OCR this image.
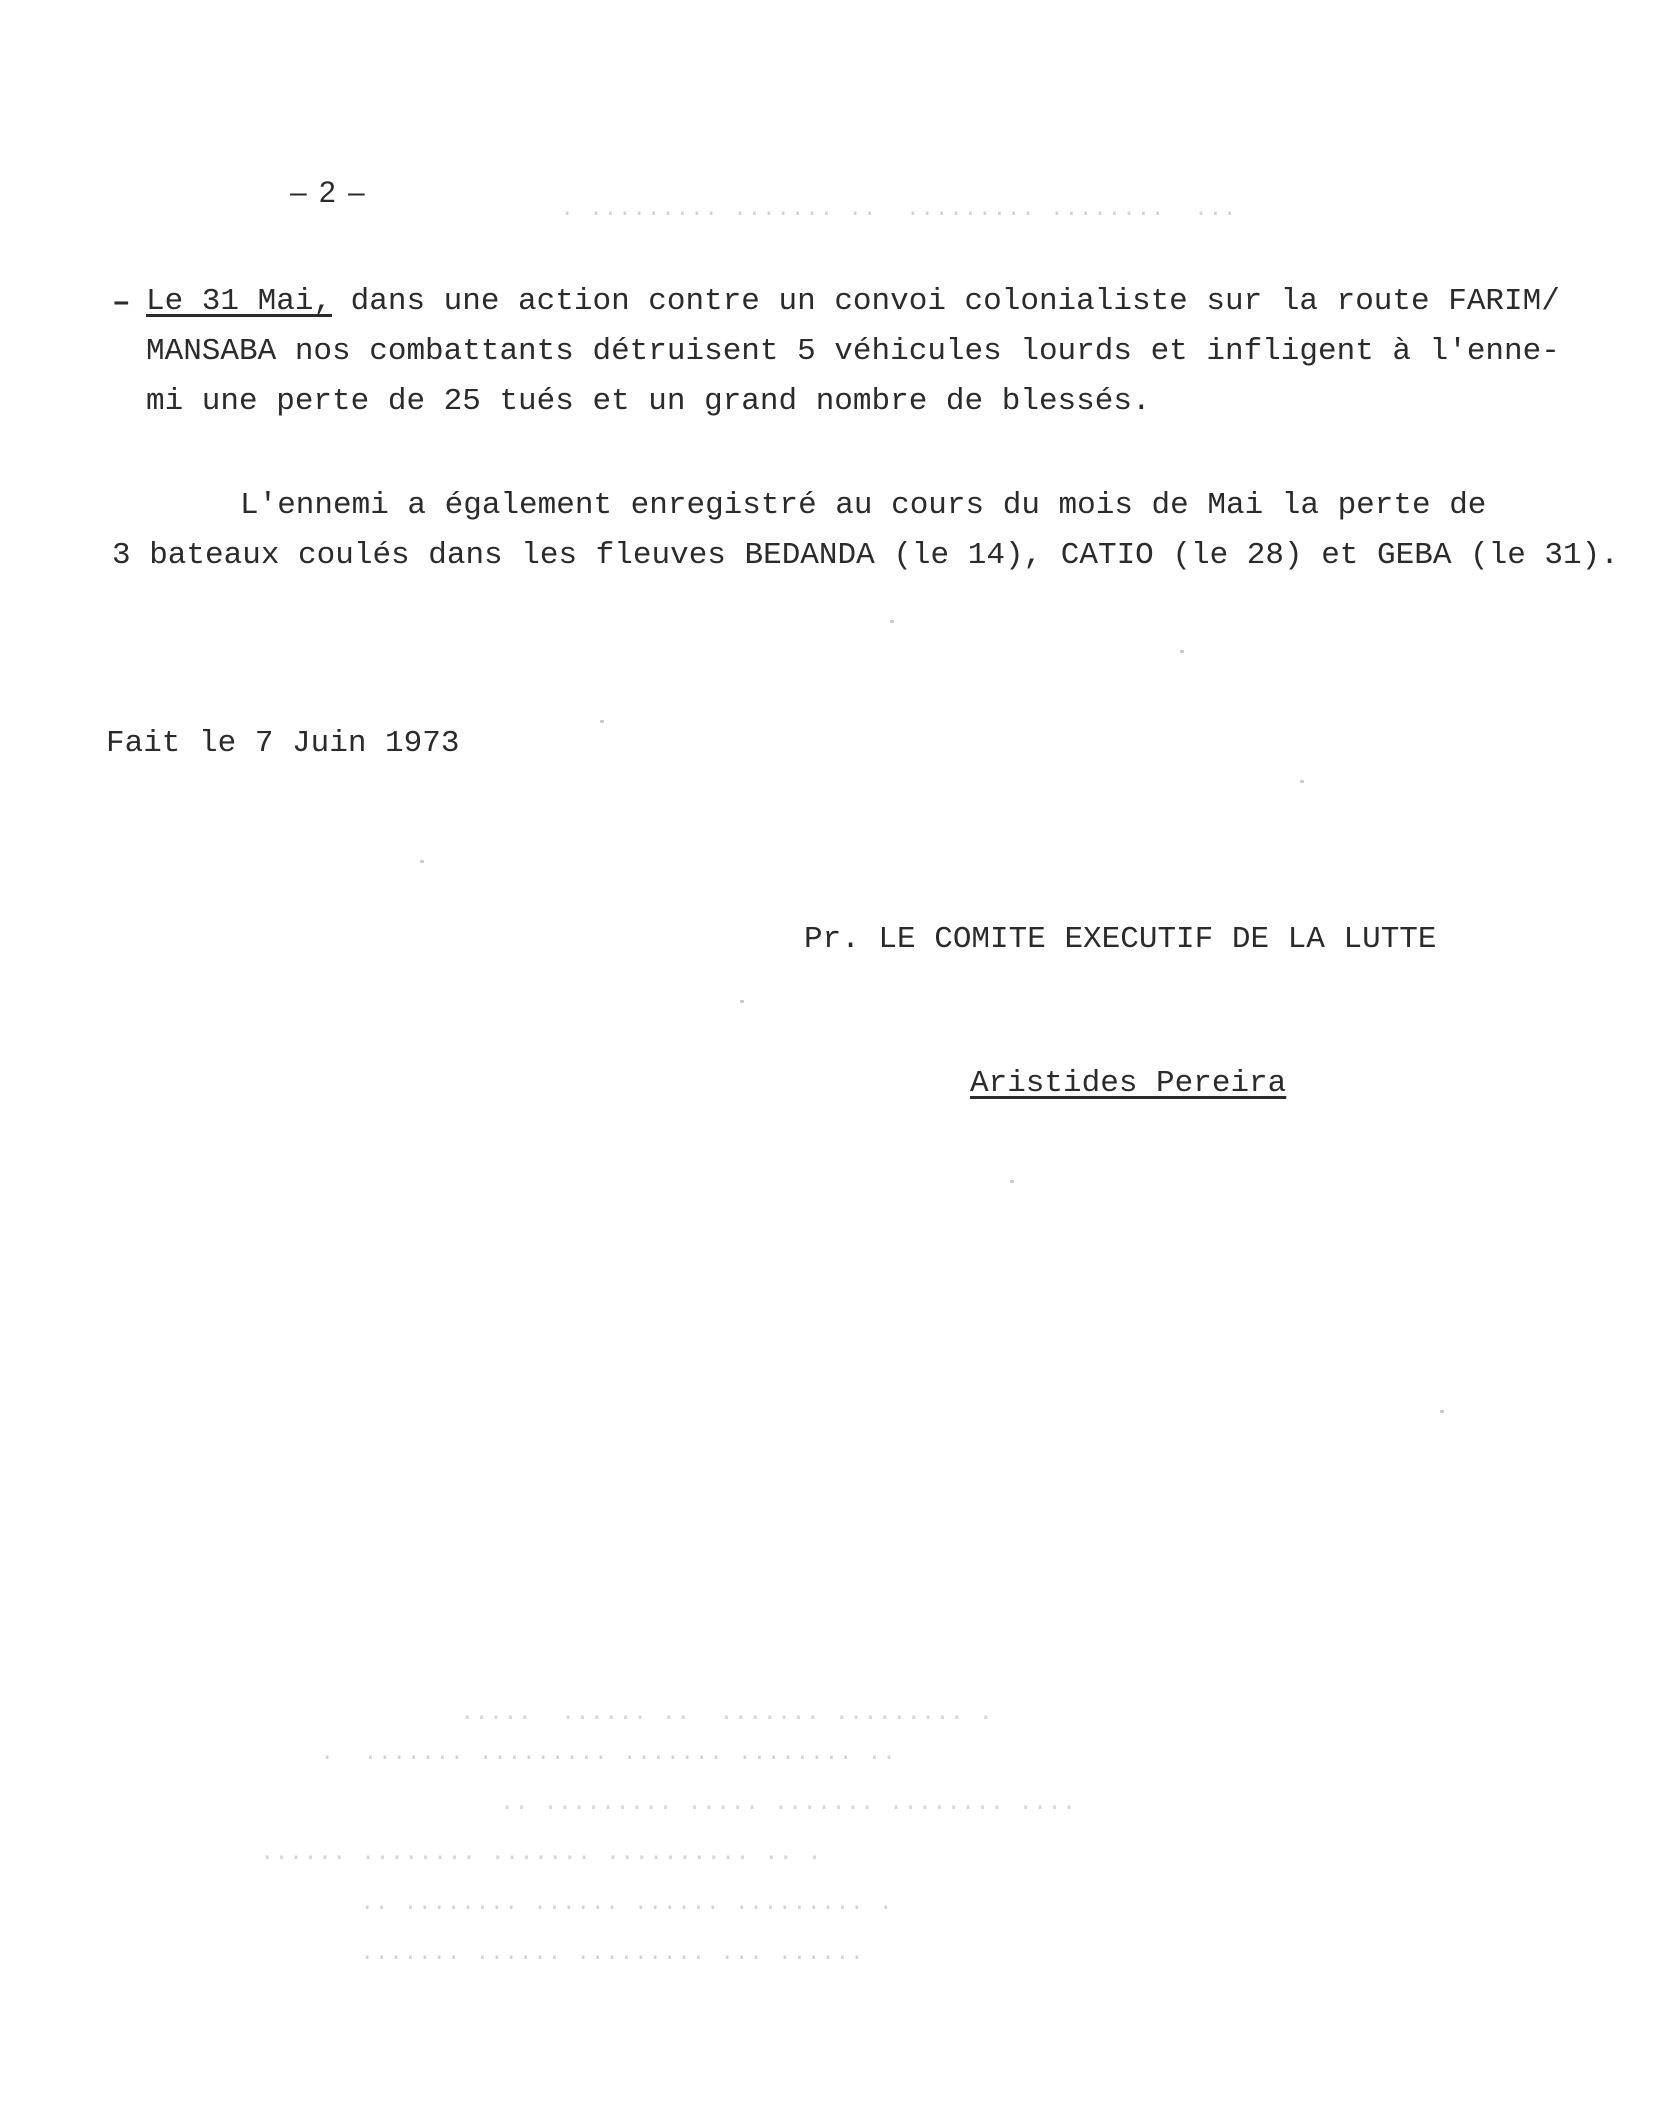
. ......... ....... ..  ......... ........  ...
.....  ...... ..  ....... ......... .
.  ....... ......... ....... ........ ..
.. ......... ..... ....... ........ ....
...... ........ ....... .......... .. .
.. ........ ...... ...... ......... .
....... ...... ......... ... ......
– 2 –
– Le 31 Mai, dans une action contre un convoi colonialiste sur la route FARIM/
MANSABA nos combattants détruisent 5 véhicules lourds et infligent à l'enne-
mi une perte de 25 tués et un grand nombre de blessés.
L'ennemi a également enregistré au cours du mois de Mai la perte de
3 bateaux coulés dans les fleuves BEDANDA (le 14), CATIO (le 28) et GEBA (le 31).
Fait le 7 Juin 1973
Pr. LE COMITE EXECUTIF DE LA LUTTE
Aristides Pereira
